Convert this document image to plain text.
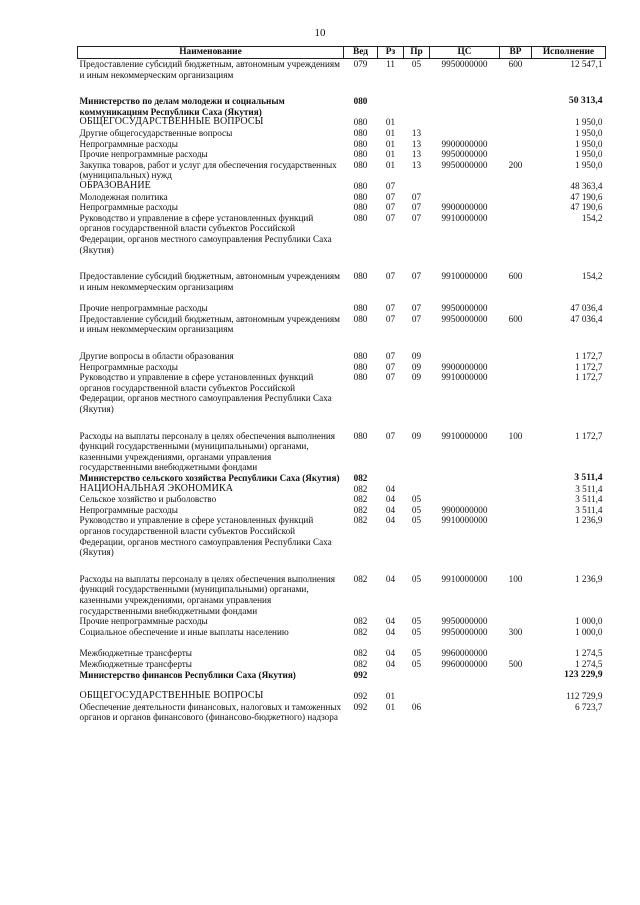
10
Наименование	Вед	Рз	Пр	ЦС	ВР	Исполнение
Предоставление субсидий бюджетным, автономным учреждениям и иным некоммерческим организациям	079	11	05	9950000000	600	12 547,1
Министерство по делам молодежи и социальным коммуникациям Республики Саха (Якутия)	080					50 313,4
ОБЩЕГОСУДАРСТВЕННЫЕ ВОПРОСЫ	080	01				1 950,0
Другие общегосударственные вопросы	080	01	13			1 950,0
Непрограммные расходы	080	01	13	9900000000		1 950,0
Прочие непрограммные расходы	080	01	13	9950000000		1 950,0
Закупка товаров, работ и услуг для обеспечения государственных (муниципальных) нужд	080	01	13	9950000000	200	1 950,0
ОБРАЗОВАНИЕ	080	07				48 363,4
Молодежная политика	080	07	07			47 190,6
Непрограммные расходы	080	07	07	9900000000		47 190,6
Руководство и управление в сфере установленных функций органов государственной власти субъектов Российской Федерации, органов местного самоуправления Республики Саха (Якутия)	080	07	07	9910000000		154,2
Предоставление субсидий бюджетным, автономным учреждениям и иным некоммерческим организациям	080	07	07	9910000000	600	154,2
Прочие непрограммные расходы	080	07	07	9950000000		47 036,4
Предоставление субсидий бюджетным, автономным учреждениям и иным некоммерческим организациям	080	07	07	9950000000	600	47 036,4
Другие вопросы в области образования	080	07	09			1 172,7
Непрограммные расходы	080	07	09	9900000000		1 172,7
Руководство и управление в сфере установленных функций органов государственной власти субъектов Российской Федерации, органов местного самоуправления Республики Саха (Якутия)	080	07	09	9910000000		1 172,7
Расходы на выплаты персоналу в целях обеспечения выполнения функций государственными (муниципальными) органами, казенными учреждениями, органами управления государственными внебюджетными фондами	080	07	09	9910000000	100	1 172,7
Министерство сельского хозяйства Республики Саха (Якутия)	082					3 511,4
НАЦИОНАЛЬНАЯ ЭКОНОМИКА	082	04				3 511,4
Сельское хозяйство и рыболовство	082	04	05			3 511,4
Непрограммные расходы	082	04	05	9900000000		3 511,4
Руководство и управление в сфере установленных функций органов государственной власти субъектов Российской Федерации, органов местного самоуправления Республики Саха (Якутия)	082	04	05	9910000000		1 236,9
Расходы на выплаты персоналу в целях обеспечения выполнения функций государственными (муниципальными) органами, казенными учреждениями, органами управления государственными внебюджетными фондами	082	04	05	9910000000	100	1 236,9
Прочие непрограммные расходы	082	04	05	9950000000		1 000,0
Социальное обеспечение и иные выплаты населению	082	04	05	9950000000	300	1 000,0
Межбюджетные трансферты	082	04	05	9960000000		1 274,5
Межбюджетные трансферты	082	04	05	9960000000	500	1 274,5
Министерство финансов Республики Саха (Якутия)	092					123 229,9
ОБЩЕГОСУДАРСТВЕННЫЕ ВОПРОСЫ	092	01				112 729,9
Обеспечение деятельности финансовых, налоговых и таможенных органов и органов финансового (финансово-бюджетного) надзора	092	01	06			6 723,7
